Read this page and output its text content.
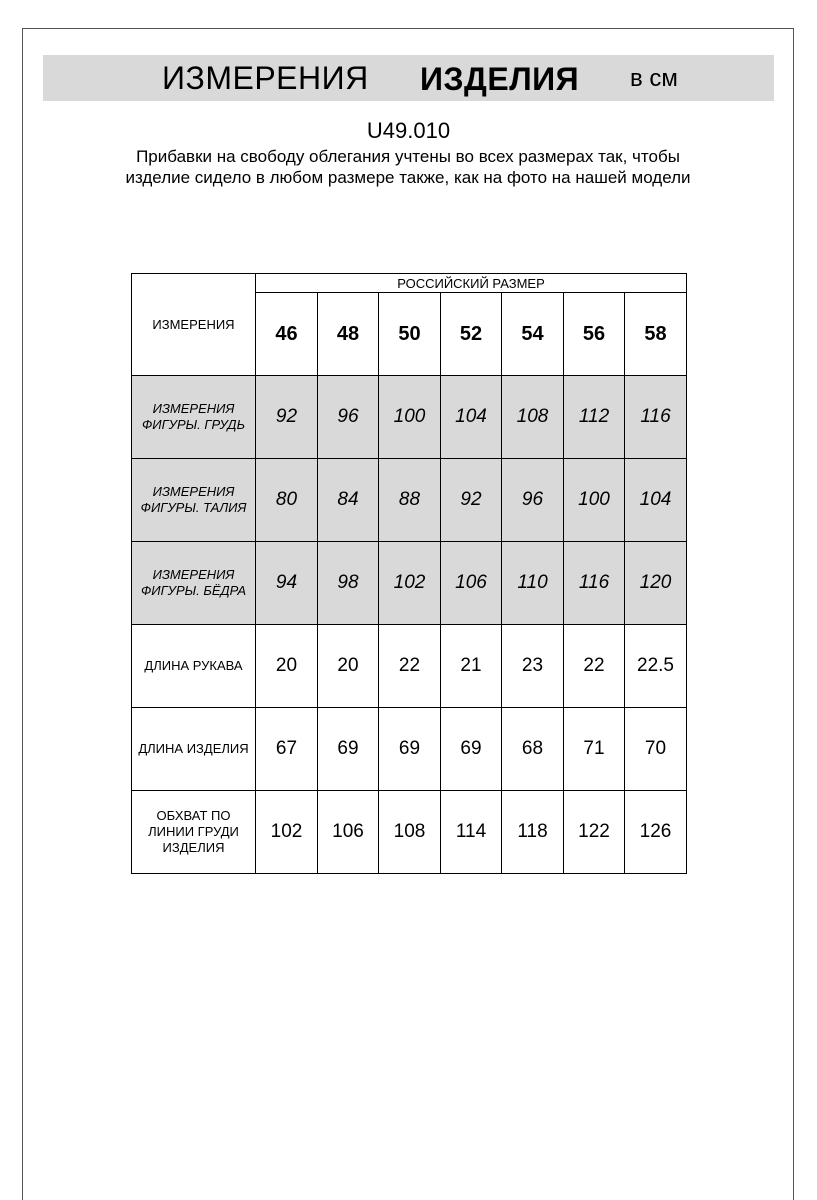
ИЗМЕРЕНИЯ ИЗДЕЛИЯ в см
U49.010
Прибавки на свободу облегания учтены во всех размерах так, чтобы изделие сидело в любом размере также, как на фото на нашей модели
ИЗМЕРЕНИЯ	РОССИЙСКИЙ РАЗМЕР						
	46	48	50	52	54	56	58

ИЗМЕРЕНИЯ
ФИГУРЫ. ГРУДЬ	92	96	100	104	108	112	116

ИЗМЕРЕНИЯ
ФИГУРЫ. ТАЛИЯ	80	84	88	92	96	100	104

ИЗМЕРЕНИЯ
ФИГУРЫ. БЁДРА	94	98	102	106	110	116	120

ДЛИНА РУКАВА	20	20	22	21	23	22	22.5

ДЛИНА ИЗДЕЛИЯ	67	69	69	69	68	71	70

ОБХВАТ ПО
ЛИНИИ ГРУДИ
ИЗДЕЛИЯ	102	106	108	114	118	122	126
